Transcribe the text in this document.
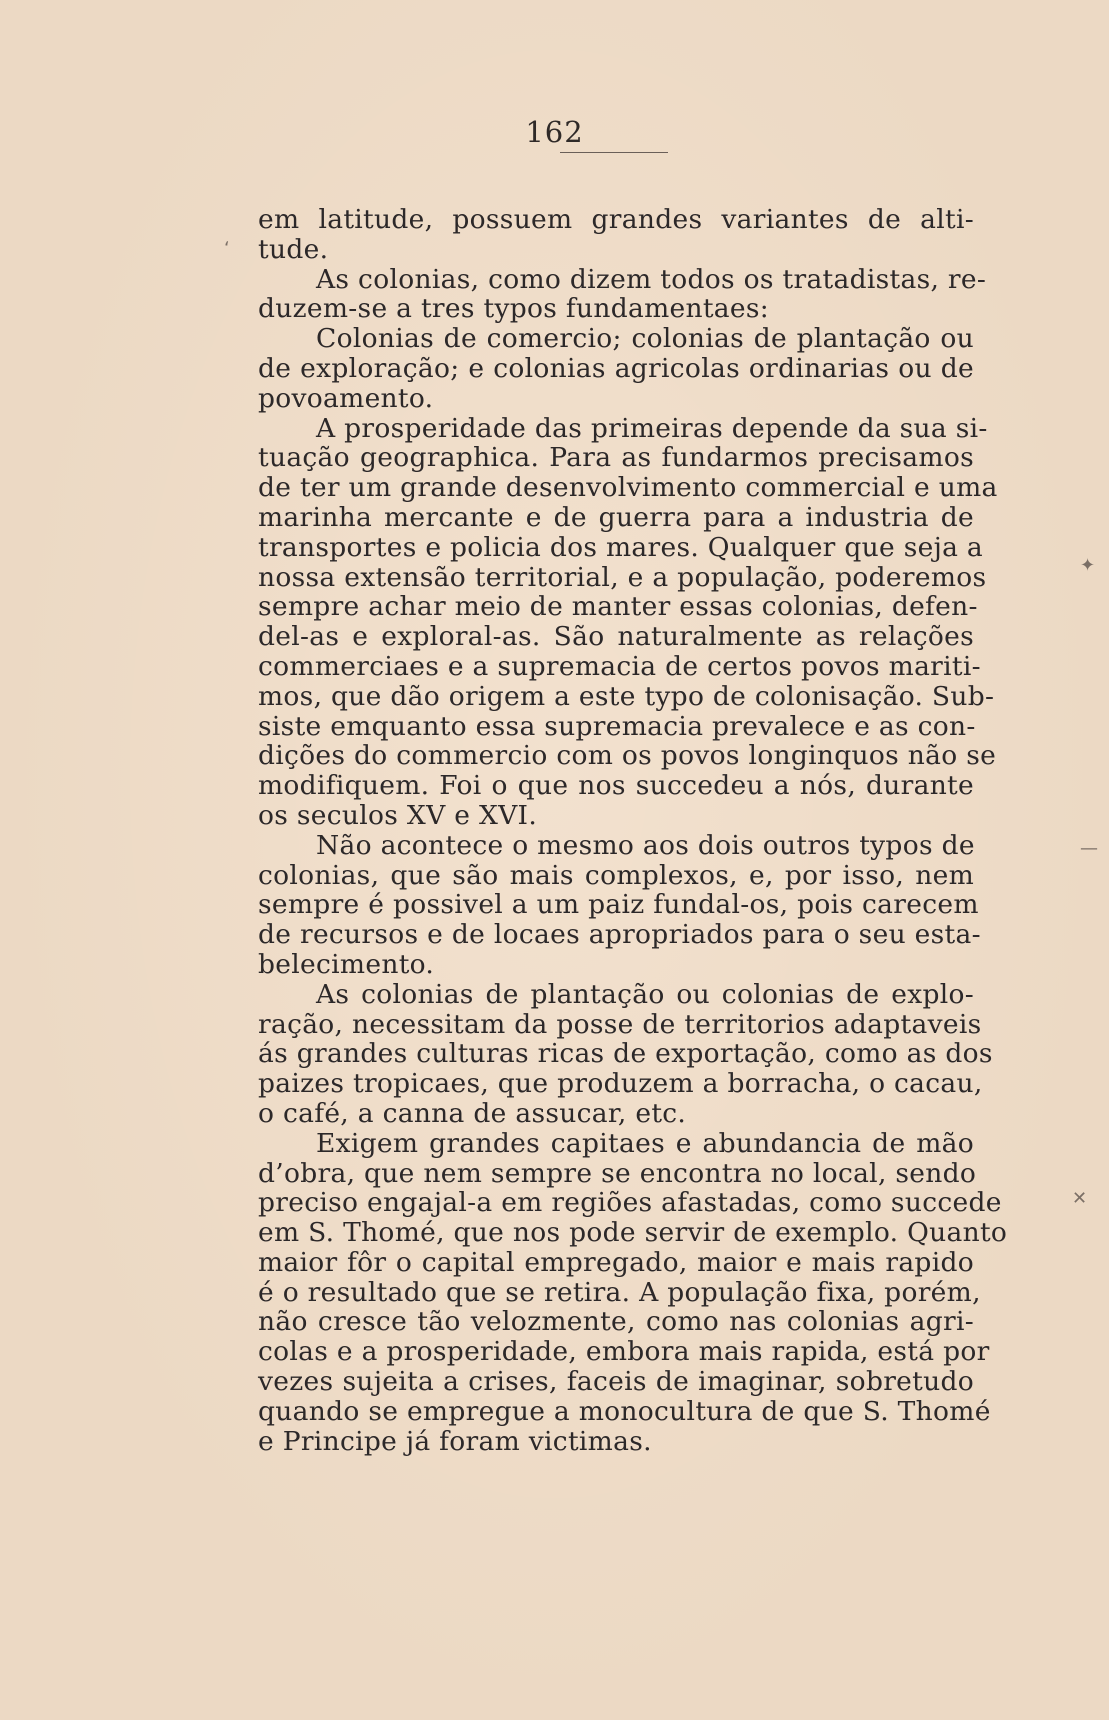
162
em latitude, possuem grandes variantes de alti-
tude.
As colonias, como dizem todos os tratadistas, re-
duzem-se a tres typos fundamentaes:
Colonias de comercio; colonias de plantação ou
de exploração; e colonias agricolas ordinarias ou de
povoamento.
A prosperidade das primeiras depende da sua si-
tuação geographica. Para as fundarmos precisamos
de ter um grande desenvolvimento commercial e uma
marinha mercante e de guerra para a industria de
transportes e policia dos mares. Qualquer que seja a
nossa extensão territorial, e a população, poderemos
sempre achar meio de manter essas colonias, defen-
del-as e exploral-as. São naturalmente as relações
commerciaes e a supremacia de certos povos mariti-
mos, que dão origem a este typo de colonisação. Sub-
siste emquanto essa supremacia prevalece e as con-
dições do commercio com os povos longinquos não se
modifiquem. Foi o que nos succedeu a nós, durante
os seculos XV e XVI.
Não acontece o mesmo aos dois outros typos de
colonias, que são mais complexos, e, por isso, nem
sempre é possivel a um paiz fundal-os, pois carecem
de recursos e de locaes apropriados para o seu esta-
belecimento.
As colonias de plantação ou colonias de explo-
ração, necessitam da posse de territorios adaptaveis
ás grandes culturas ricas de exportação, como as dos
paizes tropicaes, que produzem a borracha, o cacau,
o café, a canna de assucar, etc.
Exigem grandes capitaes e abundancia de mão
d’obra, que nem sempre se encontra no local, sendo
preciso engajal-a em regiões afastadas, como succede
em S. Thomé, que nos pode servir de exemplo. Quanto
maior fôr o capital empregado, maior e mais rapido
é o resultado que se retira. A população fixa, porém,
não cresce tão velozmente, como nas colonias agri-
colas e a prosperidade, embora mais rapida, está por
vezes sujeita a crises, faceis de imaginar, sobretudo
quando se empregue a monocultura de que S. Thomé
e Principe já foram victimas.
ʻ
✦
—
✕
